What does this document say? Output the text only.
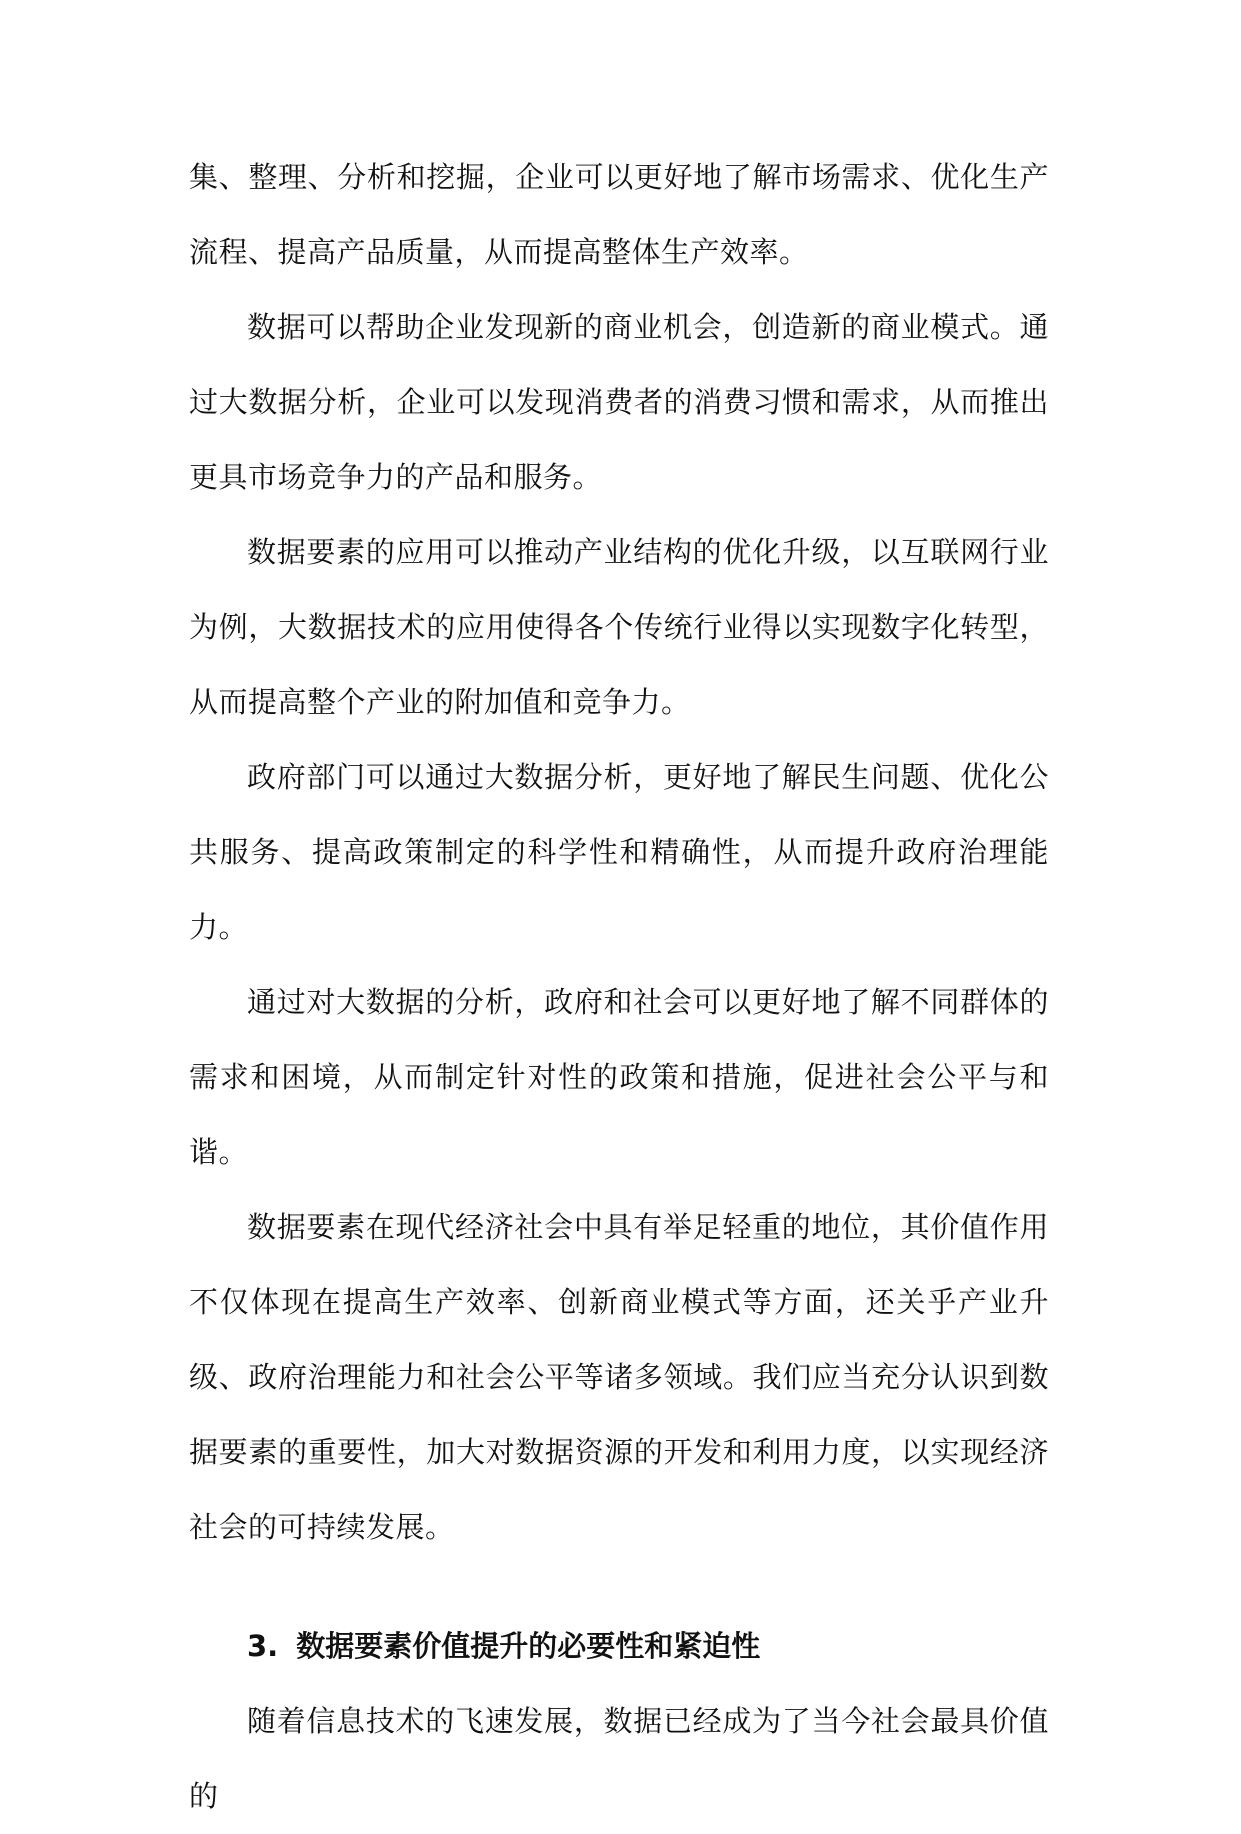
集、整理、分析和挖掘，企业可以更好地了解市场需求、优化生产流程、提高产品质量，从而提高整体生产效率。

数据可以帮助企业发现新的商业机会，创造新的商业模式。通过大数据分析，企业可以发现消费者的消费习惯和需求，从而推出更具市场竞争力的产品和服务。

数据要素的应用可以推动产业结构的优化升级，以互联网行业为例，大数据技术的应用使得各个传统行业得以实现数字化转型，从而提高整个产业的附加值和竞争力。

政府部门可以通过大数据分析，更好地了解民生问题、优化公共服务、提高政策制定的科学性和精确性，从而提升政府治理能力。

通过对大数据的分析，政府和社会可以更好地了解不同群体的需求和困境，从而制定针对性的政策和措施，促进社会公平与和谐。

数据要素在现代经济社会中具有举足轻重的地位，其价值作用不仅体现在提高生产效率、创新商业模式等方面，还关乎产业升级、政府治理能力和社会公平等诸多领域。我们应当充分认识到数据要素的重要性，加大对数据资源的开发和利用力度，以实现经济社会的可持续发展。

3. 数据要素价值提升的必要性和紧迫性

随着信息技术的飞速发展，数据已经成为了当今社会最具价值的
